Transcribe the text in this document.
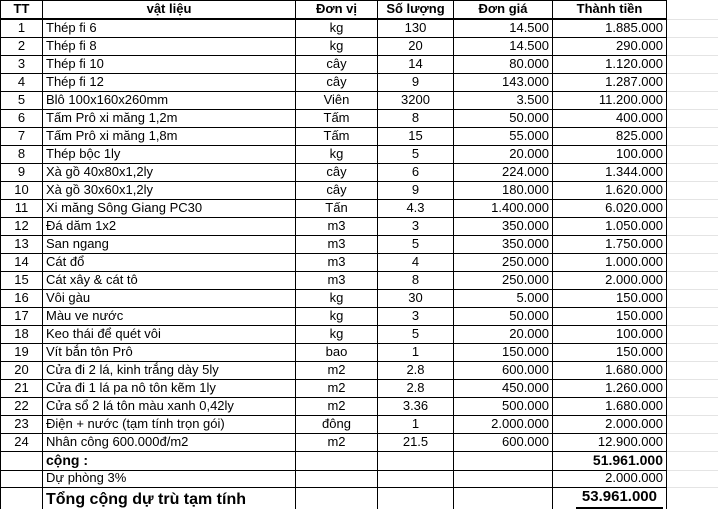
TT	vật liệu	Đơn vị	Số lượng	Đơn giá	Thành tiền	
1	Thép fi 6	kg	130	14.500	1.885.000	
2	Thép fi 8	kg	20	14.500	290.000	
3	Thép fi 10	cây	14	80.000	1.120.000	
4	Thép fi 12	cây	9	143.000	1.287.000	
5	Blô 100x160x260mm	Viên	3200	3.500	11.200.000	
6	Tấm Prô xi măng 1,2m	Tấm	8	50.000	400.000	
7	Tấm Prô xi măng 1,8m	Tấm	15	55.000	825.000	
8	Thép bộc 1ly	kg	5	20.000	100.000	
9	Xà gồ 40x80x1,2ly	cây	6	224.000	1.344.000	
10	Xà gồ 30x60x1,2ly	cây	9	180.000	1.620.000	
11	Xi măng Sông Giang PC30	Tấn	4.3	1.400.000	6.020.000	
12	Đá dăm 1x2	m3	3	350.000	1.050.000	
13	San ngang	m3	5	350.000	1.750.000	
14	Cát đổ	m3	4	250.000	1.000.000	
15	Cát xây & cát tô	m3	8	250.000	2.000.000	
16	Vôi gàu	kg	30	5.000	150.000	
17	Màu ve nước	kg	3	50.000	150.000	
18	Keo thái để quét vôi	kg	5	20.000	100.000	
19	Vít bắn tôn Prô	bao	1	150.000	150.000	
20	Cửa đi 2 lá, kinh trắng dày 5ly	m2	2.8	600.000	1.680.000	
21	Cửa đi 1 lá pa nô tôn kẽm 1ly	m2	2.8	450.000	1.260.000	
22	Cửa sổ 2 lá tôn màu xanh 0,42ly	m2	3.36	500.000	1.680.000	
23	Điện + nước (tạm tính trọn gói)	đông	1	2.000.000	2.000.000	
24	Nhân công 600.000đ/m2	m2	21.5	600.000	12.900.000	
	cộng :				51.961.000	
	Dự phòng 3%				2.000.000	
	Tổng cộng dự trù tạm tính				53.961.000	
